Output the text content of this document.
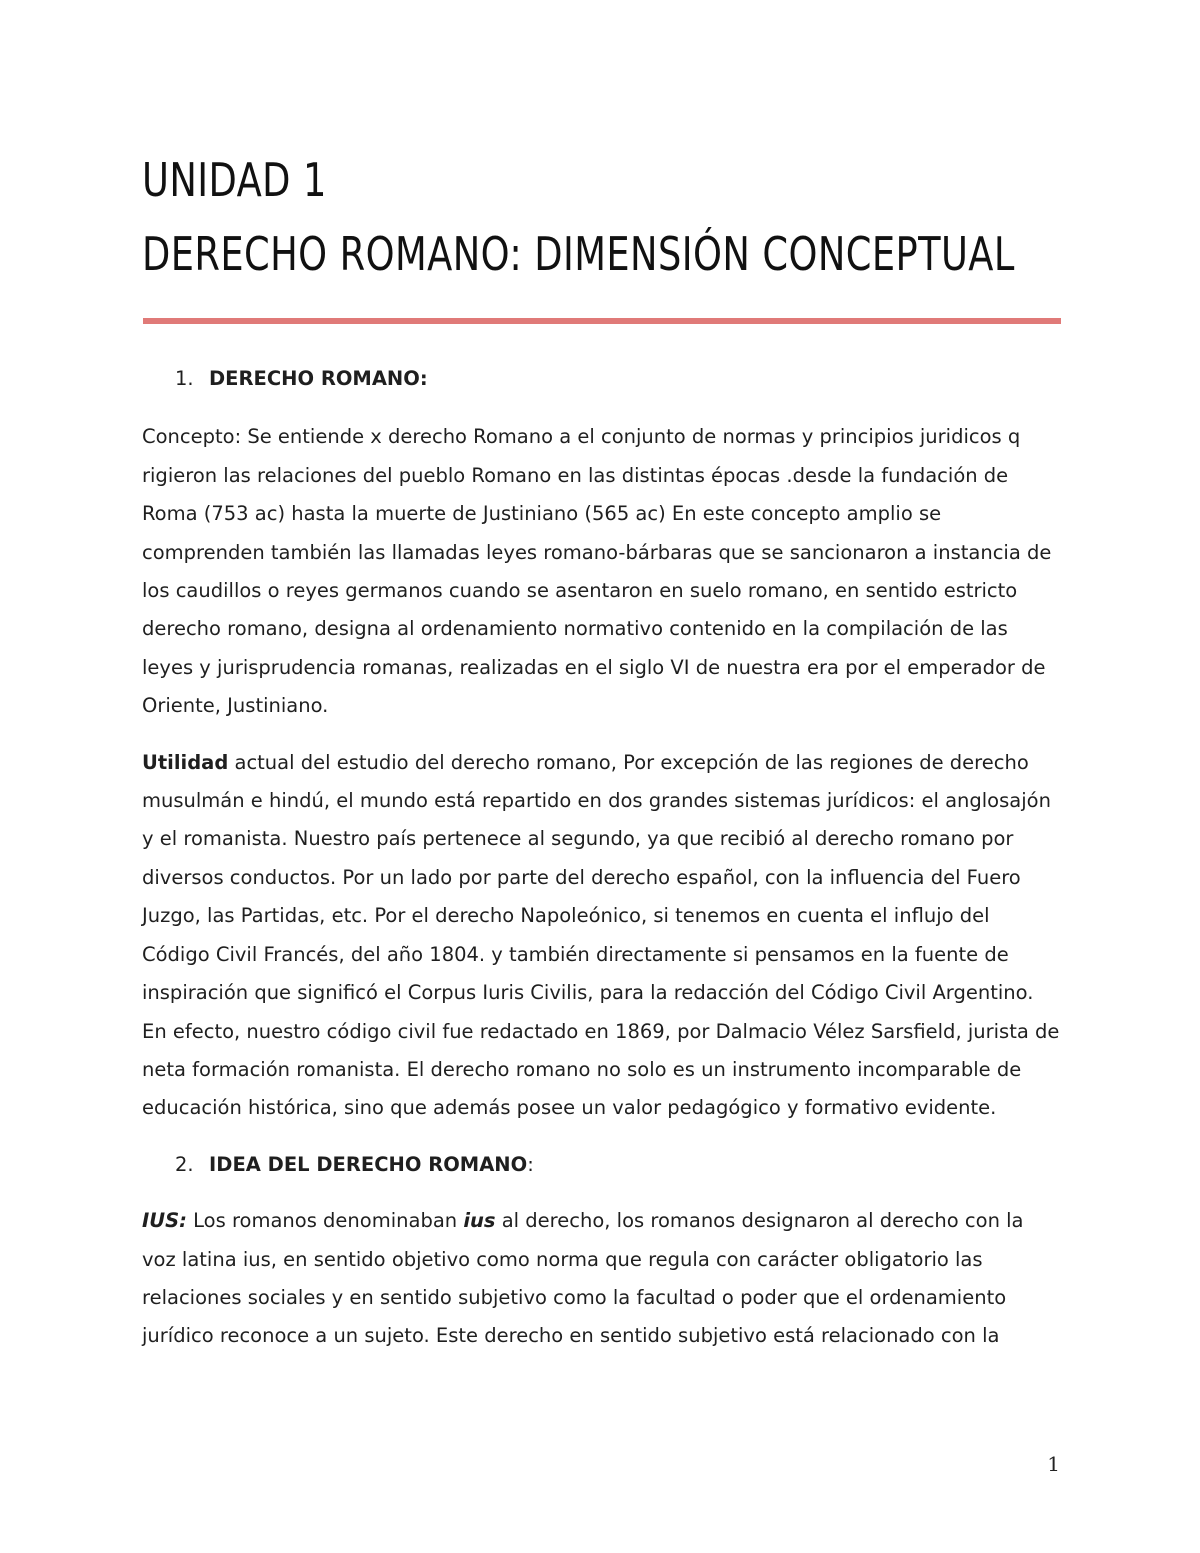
UNIDAD 1
DERECHO ROMANO: DIMENSIÓN CONCEPTUAL
1. DERECHO ROMANO:

Concepto: Se entiende x derecho Romano a el conjunto de normas y principios juridicos q rigieron las relaciones del pueblo Romano en las distintas épocas .desde la fundación de Roma (753 ac) hasta la muerte de Justiniano (565 ac) En este concepto amplio se comprenden también las llamadas leyes romano-bárbaras que se sancionaron a instancia de los caudillos o reyes germanos cuando se asentaron en suelo romano, en sentido estricto derecho romano, designa al ordenamiento normativo contenido en la compilación de las leyes y jurisprudencia romanas, realizadas en el siglo VI de nuestra era por el emperador de Oriente, Justiniano.

Utilidad actual del estudio del derecho romano, Por excepción de las regiones de derecho musulmán e hindú, el mundo está repartido en dos grandes sistemas jurídicos: el anglosajón y el romanista. Nuestro país pertenece al segundo, ya que recibió al derecho romano por diversos conductos. Por un lado por parte del derecho español, con la influencia del Fuero Juzgo, las Partidas, etc. Por el derecho Napoleónico, si tenemos en cuenta el influjo del Código Civil Francés, del año 1804. y también directamente si pensamos en la fuente de inspiración que significó el Corpus Iuris Civilis, para la redacción del Código Civil Argentino. En efecto, nuestro código civil fue redactado en 1869, por Dalmacio Vélez Sarsfield, jurista de neta formación romanista. El derecho romano no solo es un instrumento incomparable de educación histórica, sino que además posee un valor pedagógico y formativo evidente.

2. IDEA DEL DERECHO ROMANO:

IUS: Los romanos denominaban ius al derecho, los romanos designaron al derecho con la voz latina ius, en sentido objetivo como norma que regula con carácter obligatorio las relaciones sociales y en sentido subjetivo como la facultad o poder que el ordenamiento jurídico reconoce a un sujeto. Este derecho en sentido subjetivo está relacionado con la

1
